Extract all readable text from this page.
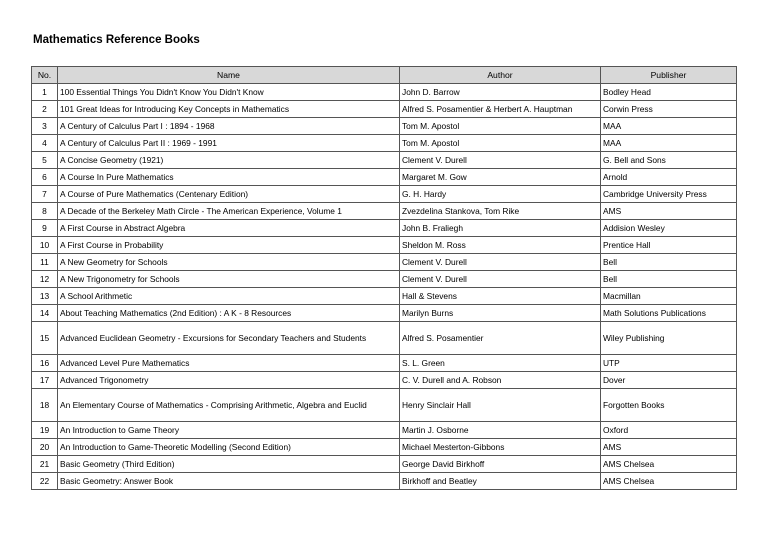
Mathematics Reference Books
No.	Name	Author	Publisher
1	100 Essential Things You Didn't Know You Didn't Know	John D. Barrow	Bodley Head
2	101 Great Ideas for Introducing Key Concepts in Mathematics	Alfred S. Posamentier & Herbert A. Hauptman	Corwin Press
3	A Century of Calculus Part I : 1894 - 1968	Tom M. Apostol	MAA
4	A Century of Calculus Part II : 1969 - 1991	Tom M. Apostol	MAA
5	A Concise Geometry (1921)	Clement V. Durell	G. Bell and Sons
6	A Course In Pure Mathematics	Margaret M. Gow	Arnold
7	A Course of Pure Mathematics (Centenary Edition)	G. H. Hardy	Cambridge University Press
8	A Decade of the Berkeley Math Circle - The American Experience, Volume 1	Zvezdelina Stankova, Tom Rike	AMS
9	A First Course in Abstract Algebra	John B. Fraliegh	Addision Wesley
10	A First Course in Probability	Sheldon M. Ross	Prentice Hall
11	A New Geometry for Schools	Clement V. Durell	Bell
12	A New Trigonometry for Schools	Clement V. Durell	Bell
13	A School Arithmetic	Hall & Stevens	Macmillan
14	About Teaching Mathematics (2nd Edition) : A K - 8 Resources	Marilyn Burns	Math Solutions Publications
15	Advanced Euclidean Geometry - Excursions for Secondary Teachers and Students	Alfred S. Posamentier	Wiley Publishing
16	Advanced Level Pure Mathematics	S. L. Green	UTP
17	Advanced Trigonometry	C. V. Durell and A. Robson	Dover
18	An Elementary Course of Mathematics - Comprising Arithmetic, Algebra and Euclid	Henry Sinclair Hall	Forgotten Books
19	An Introduction to Game Theory	Martin J. Osborne	Oxford
20	An Introduction to Game-Theoretic Modelling (Second Edition)	Michael Mesterton-Gibbons	AMS
21	Basic Geometry (Third Edition)	George David Birkhoff	AMS Chelsea
22	Basic Geometry: Answer Book	Birkhoff and Beatley	AMS Chelsea
